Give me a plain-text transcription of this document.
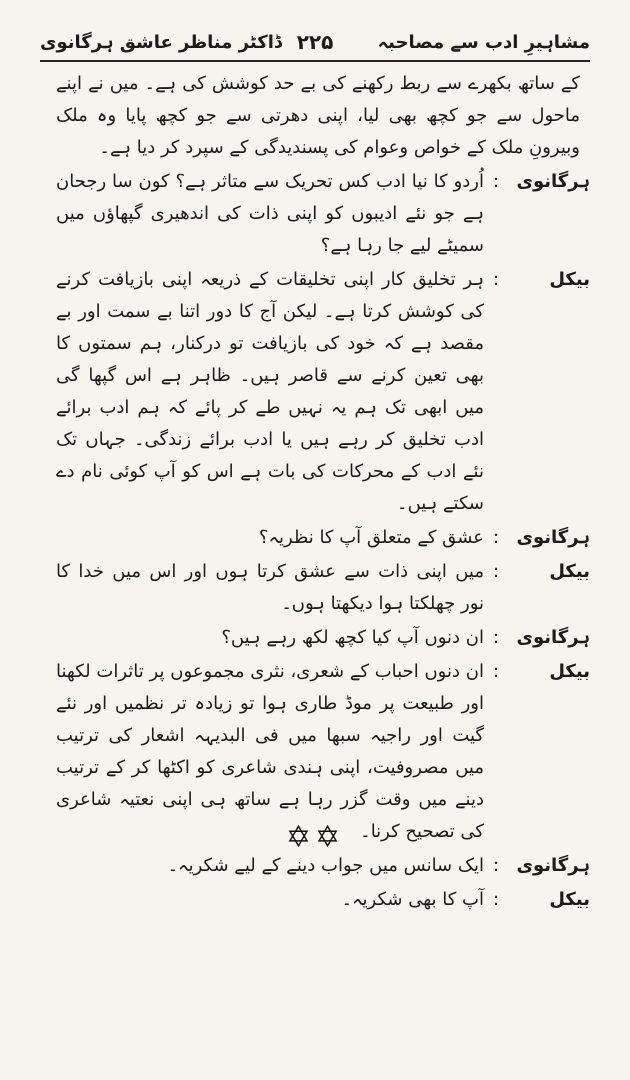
مشاہیرِ ادب سے مصاحبہ
۲۲۵
ڈاکٹر مناظر عاشق ہرگانوی
کے ساتھ بکھرے سے ربط رکھنے کی بے حد کوشش کی ہے۔ میں نے اپنے ماحول سے جو کچھ بھی لیا، اپنی دھرتی سے جو کچھ پایا وہ ملک وبیرونِ ملک کے خواص وعوام کی پسندیدگی کے سپرد کر دیا ہے۔
ہرگانوی
:
اُردو کا نیا ادب کس تحریک سے متاثر ہے؟ کون سا رجحان ہے جو نئے ادیبوں کو اپنی ذات کی اندھیری گپھاؤں میں سمیٹے لیے جا رہا ہے؟
بیکل
:
ہر تخلیق کار اپنی تخلیقات کے ذریعہ اپنی بازیافت کرنے کی کوشش کرتا ہے۔ لیکن آج کا دور اتنا بے سمت اور بے مقصد ہے کہ خود کی بازیافت تو درکنار، ہم سمتوں کا بھی تعین کرنے سے قاصر ہیں۔ ظاہر ہے اس گپھا گی میں ابھی تک ہم یہ نہیں طے کر پائے کہ ہم ادب برائے ادب تخلیق کر رہے ہیں یا ادب برائے زندگی۔ جہاں تک نئے ادب کے محرکات کی بات ہے اس کو آپ کوئی نام دے سکتے ہیں۔
ہرگانوی
:
عشق کے متعلق آپ کا نظریہ؟
بیکل
:
میں اپنی ذات سے عشق کرتا ہوں اور اس میں خدا کا نور چھلکتا ہوا دیکھتا ہوں۔
ہرگانوی
:
ان دنوں آپ کیا کچھ لکھ رہے ہیں؟
بیکل
:
ان دنوں احباب کے شعری، نثری مجموعوں پر تاثرات لکھنا اور طبیعت پر موڈ طاری ہوا تو زیادہ تر نظمیں اور نئے گیت اور راجیہ سبھا میں فی البدیہہ اشعار کی ترتیب میں مصروفیت، اپنی ہندی شاعری کو اکٹھا کر کے ترتیب دینے میں وقت گزر رہا ہے ساتھ ہی اپنی نعتیہ شاعری کی تصحیح کرنا۔
ہرگانوی
:
ایک سانس میں جواب دینے کے لیے شکریہ۔
بیکل
:
آپ کا بھی شکریہ۔
✡✡
